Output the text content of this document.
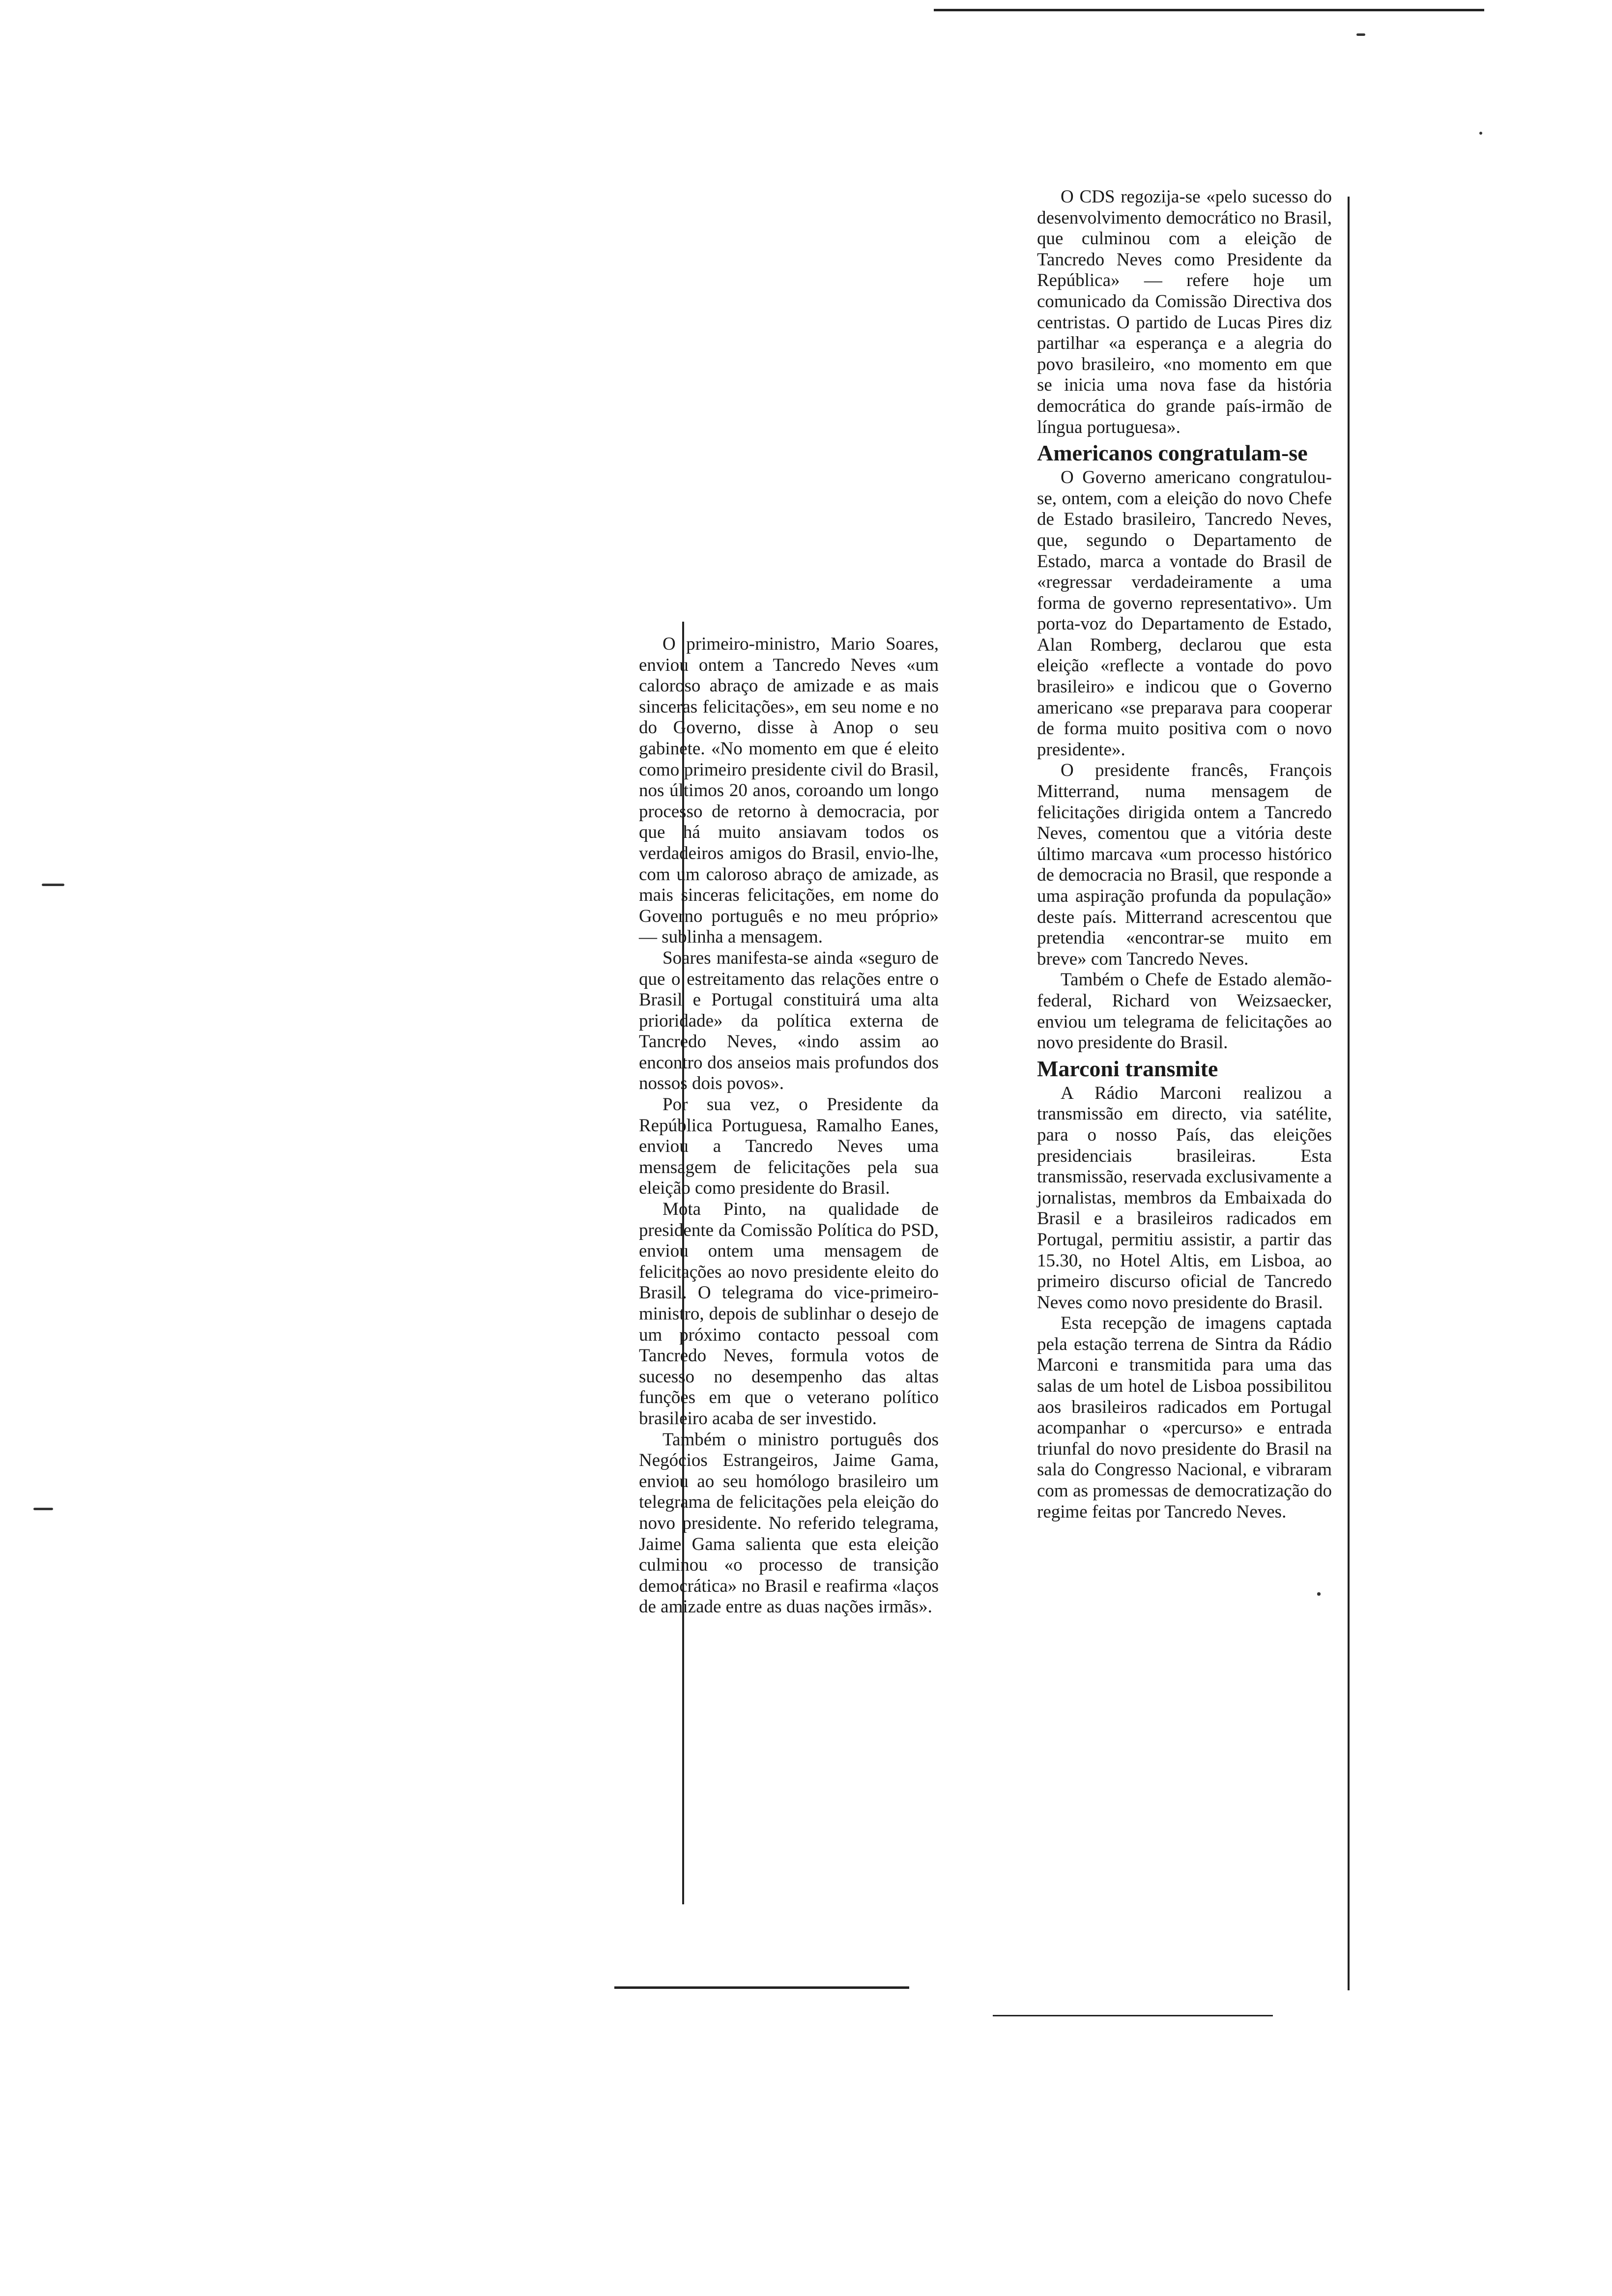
O primeiro-ministro, Mario Soares, enviou ontem a Tancredo Neves «um caloroso abraço de amizade e as mais sinceras felicitações», em seu nome e no do Governo, disse à Anop o seu gabinete. «No momento em que é eleito como primeiro presidente civil do Brasil, nos últimos 20 anos, coroando um longo processo de retorno à democracia, por que há muito ansiavam todos os verdadeiros amigos do Brasil, envio-lhe, com um caloroso abraço de amizade, as mais sinceras felicitações, em nome do Governo português e no meu próprio» — sublinha a mensagem.

Soares manifesta-se ainda «seguro de que o estreitamento das relações entre o Brasil e Portugal constituirá uma alta prioridade» da política externa de Tancredo Neves, «indo assim ao encontro dos anseios mais profundos dos nossos dois povos».

Por sua vez, o Presidente da República Portuguesa, Ramalho Eanes, enviou a Tancredo Neves uma mensagem de felicitações pela sua eleição como presidente do Brasil.

Mota Pinto, na qualidade de presidente da Comissão Política do PSD, enviou ontem uma mensagem de felicitações ao novo presidente eleito do Brasil. O telegrama do vice-primeiro-ministro, depois de sublinhar o desejo de um próximo contacto pessoal com Tancredo Neves, formula votos de sucesso no desempenho das altas funções em que o veterano político brasileiro acaba de ser investido.

Também o ministro português dos Negócios Estrangeiros, Jaime Gama, enviou ao seu homólogo brasileiro um telegrama de felicitações pela eleição do novo presidente. No referido telegrama, Jaime Gama salienta que esta eleição culminou «o processo de transição democrática» no Brasil e reafirma «laços de amizade entre as duas nações irmãs».

O CDS regozija-se «pelo sucesso do desenvolvimento democrático no Brasil, que culminou com a eleição de Tancredo Neves como Presidente da República» — refere hoje um comunicado da Comissão Directiva dos centristas. O partido de Lucas Pires diz partilhar «a esperança e a alegria do povo brasileiro, «no momento em que se inicia uma nova fase da história democrática do grande país-irmão de língua portuguesa».

Americanos congratulam-se

O Governo americano congratulou-se, ontem, com a eleição do novo Chefe de Estado brasileiro, Tancredo Neves, que, segundo o Departamento de Estado, marca a vontade do Brasil de «regressar verdadeiramente a uma forma de governo representativo». Um porta-voz do Departamento de Estado, Alan Romberg, declarou que esta eleição «reflecte a vontade do povo brasileiro» e indicou que o Governo americano «se preparava para cooperar de forma muito positiva com o novo presidente».

O presidente francês, François Mitterrand, numa mensagem de felicitações dirigida ontem a Tancredo Neves, comentou que a vitória deste último marcava «um processo histórico de democracia no Brasil, que responde a uma aspiração profunda da população» deste país. Mitterrand acrescentou que pretendia «encontrar-se muito em breve» com Tancredo Neves.

Também o Chefe de Estado alemão-federal, Richard von Weizsaecker, enviou um telegrama de felicitações ao novo presidente do Brasil.

Marconi transmite

A Rádio Marconi realizou a transmissão em directo, via satélite, para o nosso País, das eleições presidenciais brasileiras. Esta transmissão, reservada exclusivamente a jornalistas, membros da Embaixada do Brasil e a brasileiros radicados em Portugal, permitiu assistir, a partir das 15.30, no Hotel Altis, em Lisboa, ao primeiro discurso oficial de Tancredo Neves como novo presidente do Brasil.

Esta recepção de imagens captada pela estação terrena de Sintra da Rádio Marconi e transmitida para uma das salas de um hotel de Lisboa possibilitou aos brasileiros radicados em Portugal acompanhar o «percurso» e entrada triunfal do novo presidente do Brasil na sala do Congresso Nacional, e vibraram com as promessas de democratização do regime feitas por Tancredo Neves.
